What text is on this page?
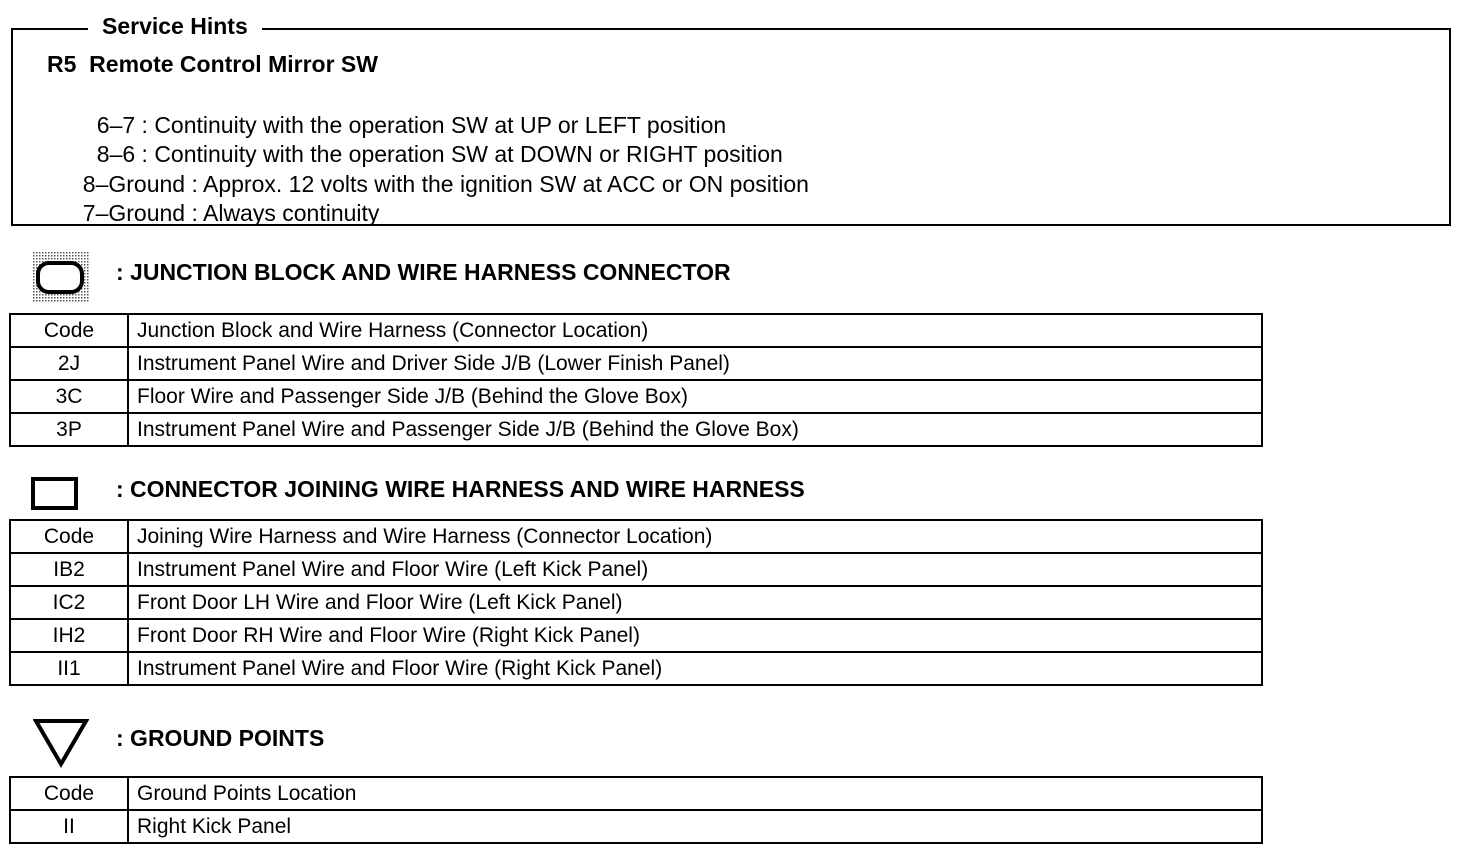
Service Hints
R5  Remote Control Mirror SW

6–7 : Continuity with the operation SW at UP or LEFT position

8–6 : Continuity with the operation SW at DOWN or RIGHT position

8–Ground : Approx. 12 volts with the ignition SW at ACC or ON position

7–Ground : Always continuity

: JUNCTION BLOCK AND WIRE HARNESS CONNECTOR
Code	Junction Block and Wire Harness (Connector Location)
2J	Instrument Panel Wire and Driver Side J/B (Lower Finish Panel)
3C	Floor Wire and Passenger Side J/B (Behind the Glove Box)
3P	Instrument Panel Wire and Passenger Side J/B (Behind the Glove Box)
: CONNECTOR JOINING WIRE HARNESS AND WIRE HARNESS
Code	Joining Wire Harness and Wire Harness (Connector Location)
IB2	Instrument Panel Wire and Floor Wire (Left Kick Panel)
IC2	Front Door LH Wire and Floor Wire (Left Kick Panel)
IH2	Front Door RH Wire and Floor Wire (Right Kick Panel)
II1	Instrument Panel Wire and Floor Wire (Right Kick Panel)
: GROUND POINTS
Code	Ground Points Location
II	Right Kick Panel
